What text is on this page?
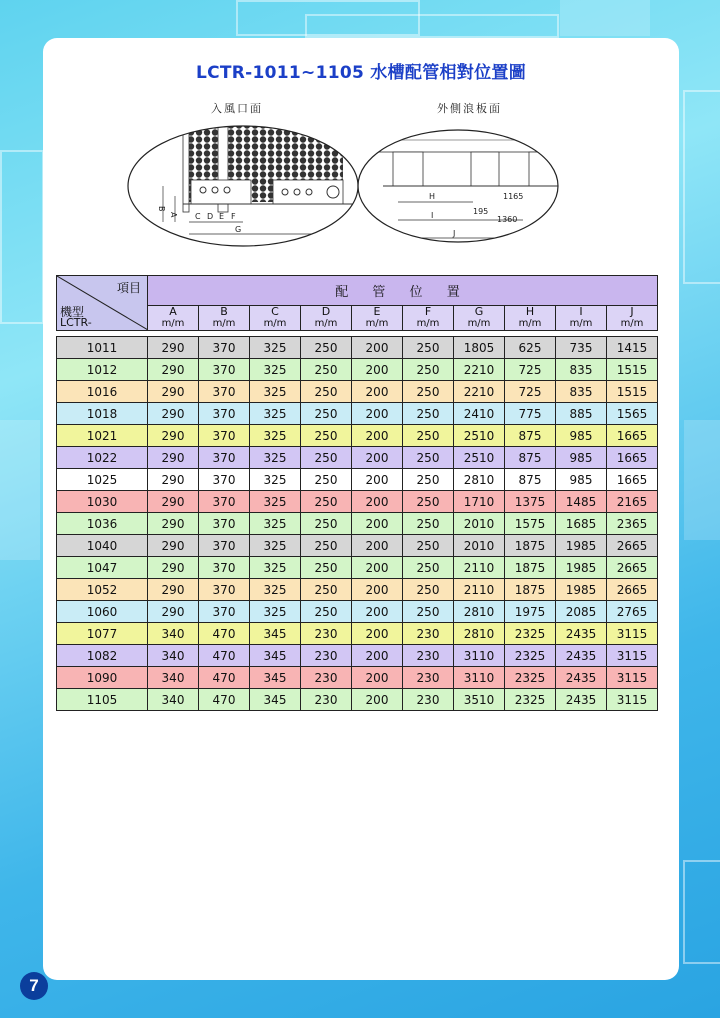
LCTR-1011~1105 水槽配管相對位置圖
入風口面
B
A C D E F
G
外側浪板面
H	1165
195
I	1360
J
項目
機型
LCTR-	配 管 位 置									
	A	B	C	D	E	F	G	H	I	J
	m/m	m/m	m/m	m/m	m/m	m/m	m/m	m/m	m/m	m/m

1011	290	370	325	250	200	250	1805	625	735	1415
1012	290	370	325	250	200	250	2210	725	835	1515
1016	290	370	325	250	200	250	2210	725	835	1515
1018	290	370	325	250	200	250	2410	775	885	1565
1021	290	370	325	250	200	250	2510	875	985	1665
1022	290	370	325	250	200	250	2510	875	985	1665
1025	290	370	325	250	200	250	2810	875	985	1665
1030	290	370	325	250	200	250	1710	1375	1485	2165
1036	290	370	325	250	200	250	2010	1575	1685	2365
1040	290	370	325	250	200	250	2010	1875	1985	2665
1047	290	370	325	250	200	250	2110	1875	1985	2665
1052	290	370	325	250	200	250	2110	1875	1985	2665
1060	290	370	325	250	200	250	2810	1975	2085	2765
1077	340	470	345	230	200	230	2810	2325	2435	3115
1082	340	470	345	230	200	230	3110	2325	2435	3115
1090	340	470	345	230	200	230	3110	2325	2435	3115
1105	340	470	345	230	200	230	3510	2325	2435	3115
7
